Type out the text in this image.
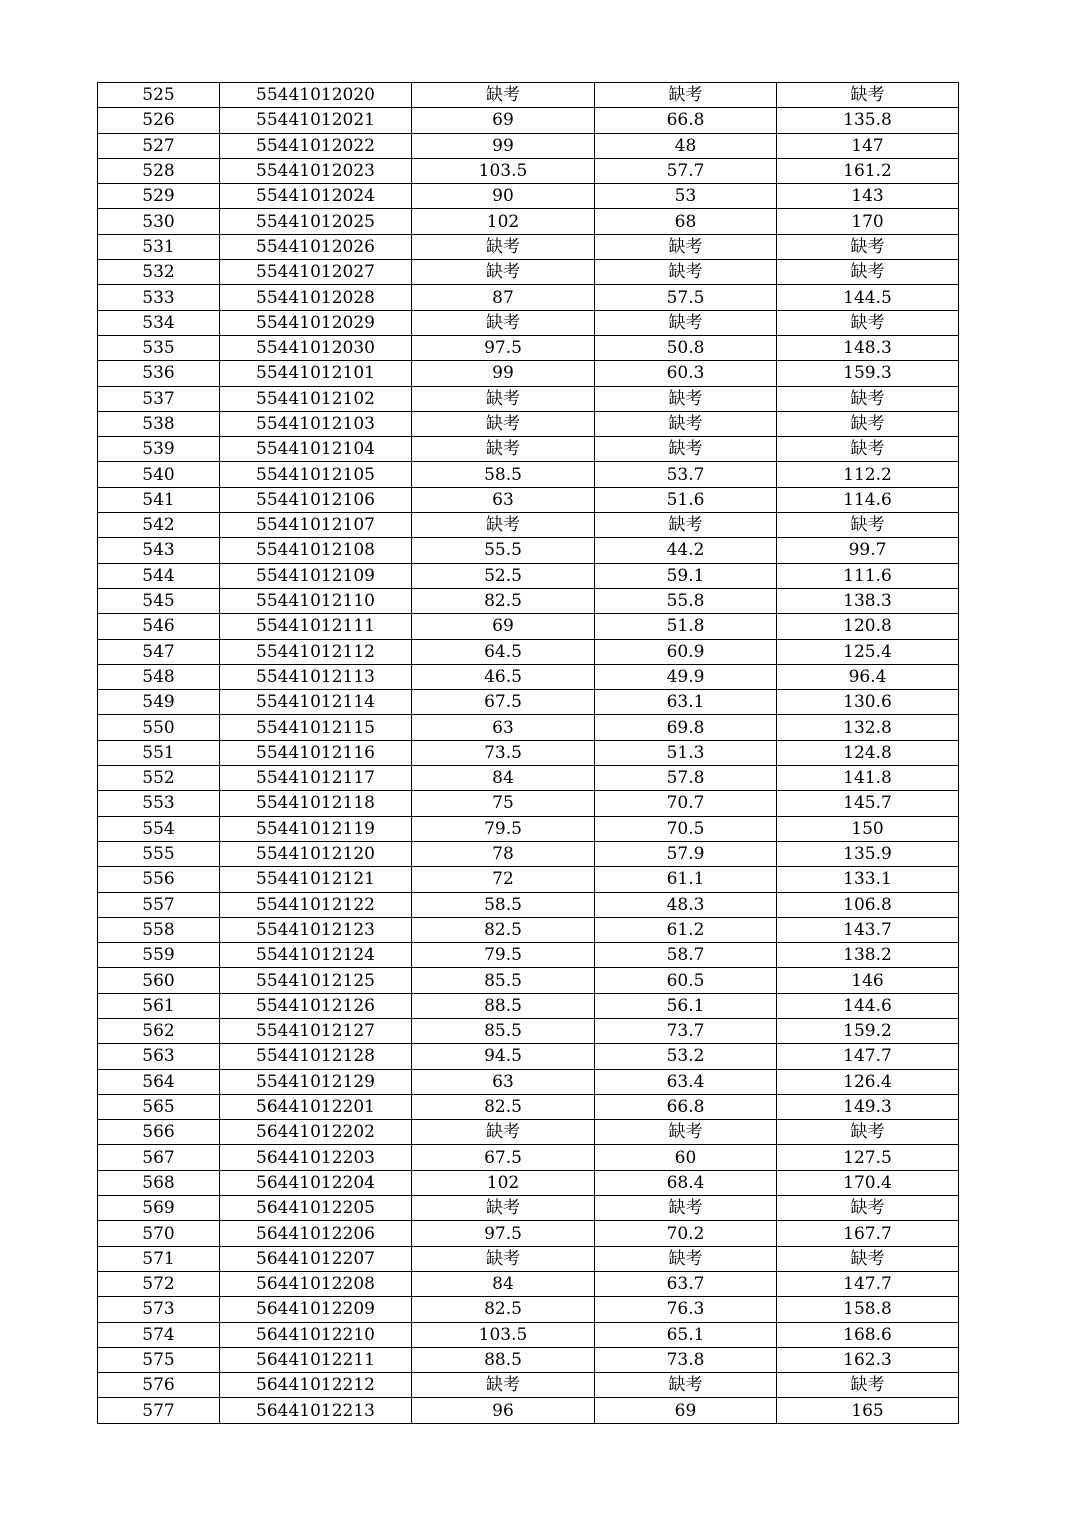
525	55441012020	缺考	缺考	缺考
526	55441012021	69	66.8	135.8
527	55441012022	99	48	147
528	55441012023	103.5	57.7	161.2
529	55441012024	90	53	143
530	55441012025	102	68	170
531	55441012026	缺考	缺考	缺考
532	55441012027	缺考	缺考	缺考
533	55441012028	87	57.5	144.5
534	55441012029	缺考	缺考	缺考
535	55441012030	97.5	50.8	148.3
536	55441012101	99	60.3	159.3
537	55441012102	缺考	缺考	缺考
538	55441012103	缺考	缺考	缺考
539	55441012104	缺考	缺考	缺考
540	55441012105	58.5	53.7	112.2
541	55441012106	63	51.6	114.6
542	55441012107	缺考	缺考	缺考
543	55441012108	55.5	44.2	99.7
544	55441012109	52.5	59.1	111.6
545	55441012110	82.5	55.8	138.3
546	55441012111	69	51.8	120.8
547	55441012112	64.5	60.9	125.4
548	55441012113	46.5	49.9	96.4
549	55441012114	67.5	63.1	130.6
550	55441012115	63	69.8	132.8
551	55441012116	73.5	51.3	124.8
552	55441012117	84	57.8	141.8
553	55441012118	75	70.7	145.7
554	55441012119	79.5	70.5	150
555	55441012120	78	57.9	135.9
556	55441012121	72	61.1	133.1
557	55441012122	58.5	48.3	106.8
558	55441012123	82.5	61.2	143.7
559	55441012124	79.5	58.7	138.2
560	55441012125	85.5	60.5	146
561	55441012126	88.5	56.1	144.6
562	55441012127	85.5	73.7	159.2
563	55441012128	94.5	53.2	147.7
564	55441012129	63	63.4	126.4
565	56441012201	82.5	66.8	149.3
566	56441012202	缺考	缺考	缺考
567	56441012203	67.5	60	127.5
568	56441012204	102	68.4	170.4
569	56441012205	缺考	缺考	缺考
570	56441012206	97.5	70.2	167.7
571	56441012207	缺考	缺考	缺考
572	56441012208	84	63.7	147.7
573	56441012209	82.5	76.3	158.8
574	56441012210	103.5	65.1	168.6
575	56441012211	88.5	73.8	162.3
576	56441012212	缺考	缺考	缺考
577	56441012213	96	69	165
